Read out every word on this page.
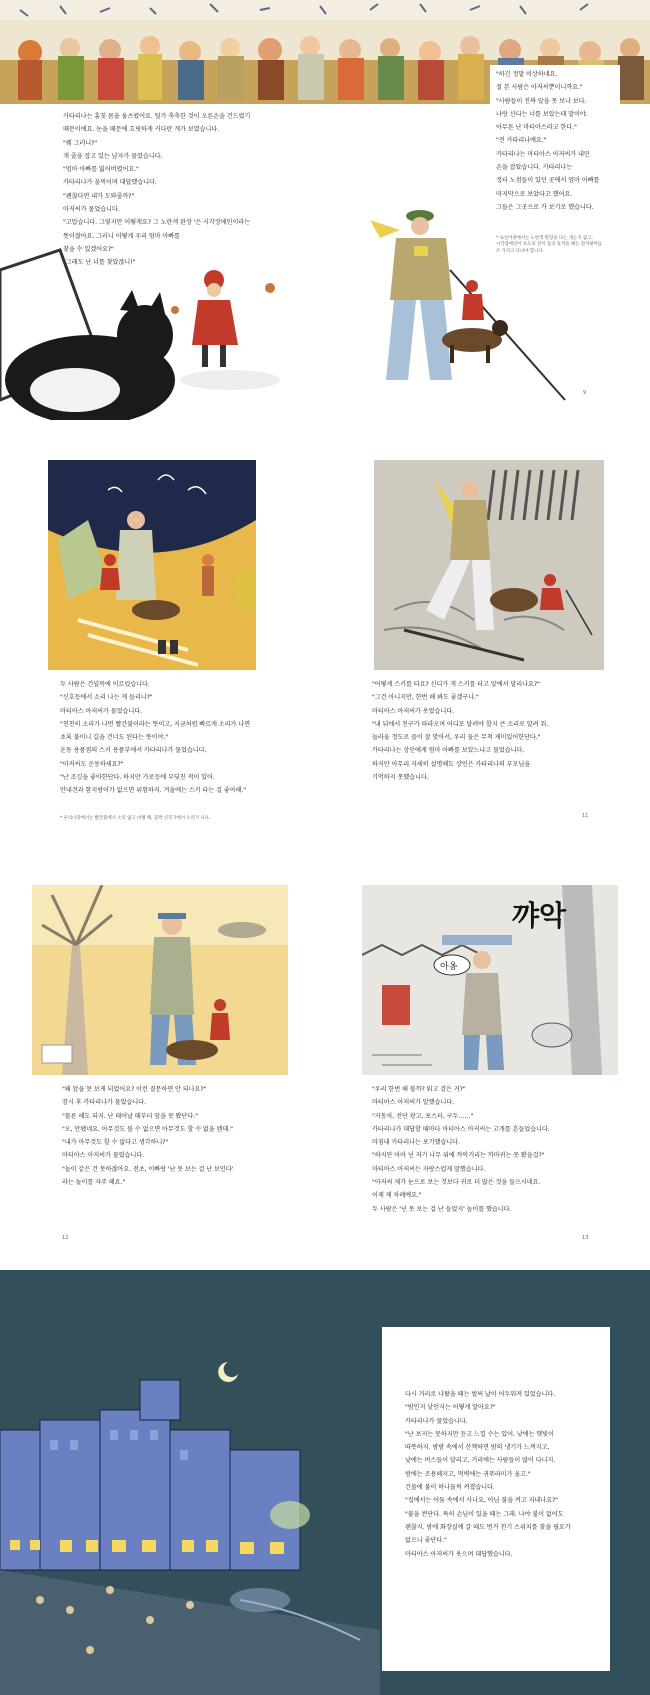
카타리나는 흠칫 몸을 움츠렸어요. 털가 축축한 것이 오른손을 건드렸기

때문이에요. 눈을 때문에 흐릿하게 커다란 개가 보였습니다.

"꿰 그러니?"

개 줄을 잡고 있는 남자가 물었습니다.

"엄마 아빠를 잃어버렸어요."

카타리나가 울먹이며 대답했습니다.

"괜찮다면 내가 도와줄까?"

아저씨가 물었습니다.

"고맙습니다. 그렇지만 어떻게요? 그 노란색 완장 '은 시각장애인이라는

뜻이잖아요. 그러니 어떻게 우리 엄마 아빠를

찾을 수 있겠어요?"

"그래도 난 너를 찾았잖니!"

"하긴 정말 이상하네요.

절 본 사람은 아저씨뿐이니까요."

"사람들이 진짜 앞을 못 보나 보다.

나랑 신디는 너를 보았는데 말이야.

아무튼 난 마티아스라고 한다."

"전 카타리나예요."

카타리나는 마티아스 아저씨가 내민

손을 잡았습니다. 카타리나는

정터 노점들이 있던 곳에서 엄마 아빠를

마지막으로 보았다고 했어요.

그들은 그곳으로 가 보기로 했습니다.

* 독일어권에서는 노란색 완장을 다는 개는지 없고,
시각장애인이 보도의 길이 돌의 돌색을 때는 흰지팡이를
쓰 가지고 다녀야 합니다.
9

두 사람은 건널목에 이르렀습니다.

"신호등에서 소리 나는 게 들리니?"

마티아스 아저씨가 물었습니다.

"천천히 소리가 나면 빨간불이라는 뜻이고, 지금처럼 빠르게 소리가 나면

초록 불이니 길을 건너도 된다는 뜻이야."

운동 용품점의 스키 용품부에서 카타리나가 물었습니다.

"아저씨도 운동하세요?"

"난 조깅을 좋아한단다. 하지만 가로등에 부딪친 적이 있어.

안내견과 함지팡이가 없으면 위험하지. 겨울에는 스키 타는 걸 좋아해."

* 우리나라에서는 빨간불에서 소리 없고 비행 해, 꼼짝 신호가에서 소리가 나요.

"어떻게 스키를 타요? 신디가 개 스키를 타고 앞에서 달리나요?"

"그건 아니지만, 한번 해 봐도 좋겠구나."

마티아스 아저씨가 웃었습니다.

"내 뒤에서 친구가 따라오며 어디로 달려야 할지 큰 소리로 알려 줘.

놀라울 정도로 즐이 잘 맞아서, 우리 둘은 무척 재미있어한단다."

카타리나는 상인에게 엄마 아빠를 보았느냐고 물었습니다.

하지만 아무리 자세히 설명해도 상인은 카타리나의 부모님을

기억하지 못했습니다.

11
꺄악
아옹

"왜 앞을 못 보게 되었어요? 이런 질문하면 안 되나요?"

잠시 후 카타리나가 물었습니다.

"물론 해도 되지. 난 태어날 때부터 앞을 못 봤단다."

"오, 안됐네요. 아무것도 볼 수 없으면 아무것도 할 수 없을 텐데."

"내가 아무것도 할 수 없다고 생각하니?"

마티아스 아저씨가 물었습니다.

"놀이 같은 건 못하잖아요. 전초, 이빠랑 '난 못 보는 걸 난 보인다'

라는 놀이를 자주 해요."

12

"우리 한번 해 볼까? 뭐고 검은 거?"

마티아스 아저씨가 말했습니다.

"자동차, 전단 광고, 포스터, 구두……"

카타리나가 대답할 때마다 마티아스 아저씨는 고개를 흔들었습니다.

마침내 카타리나는 포기했습니다.

"하지만 아아 넌 저기 나무 위에 까악거리는 까마귀는 못 봤을걸?"

마티아스 아저씨는 자랑스럽게 말했습니다.

"아저씨 제가 눈으로 보는 것보다 귀로 더 많은 것을 들으시네요.

이제 제 차례예요."

두 사람은 '넌 못 보는 걸 난 들었지' 놀이를 했습니다.

13

다시 거리로 나왔을 때는 벌써 날이 어두워져 있었습니다.

"밤인지 낮인지는 어떻게 알아요?"

카타리나가 물었습니다.

"난 보지는 못하지만 듣고 느낄 수는 있어. 낮에는 햇빛이

따뜻하지. 밤밤 속에서 산책하면 밤의 냉기가 느껴지고,

낮에는 버스들이 달리고, 거리에는 사람들이 많이 다니지.

밤에는 조용해지고, 먹벽에는 귀뚜라미가 울고."

건물에 불이 하나둘씩 켜졌습니다.

"집에서는 어둠 속에서 사나요, 아님 불을 켜고 지내나요?"

"불을 켠단다. 특히 손님이 있을 때는 그래. 나야 불이 없어도

괜찮지. 밤에 화장실에 갈 때도 번거 전기 스위치를 찾을 필요가

없으니 좋단다."

마티아스 아저씨가 웃으며 대답했습니다.
